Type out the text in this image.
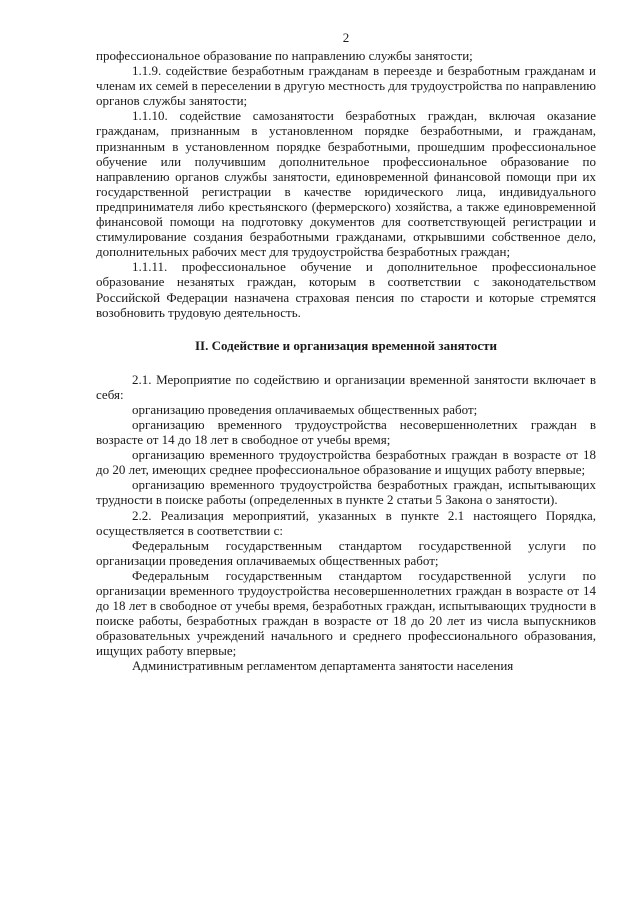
2

профессиональное образование по направлению службы занятости;

1.1.9. содействие безработным гражданам в переезде и безработным гражданам и членам их семей в переселении в другую местность для трудоустройства по направлению органов службы занятости;

1.1.10. содействие самозанятости безработных граждан, включая оказание гражданам, признанным в установленном порядке безработными, и гражданам, признанным в установленном порядке безработными, прошедшим профессиональное обучение или получившим дополнительное профессиональное образование по направлению органов службы занятости, единовременной финансовой помощи при их государственной регистрации в качестве юридического лица, индивидуального предпринимателя либо крестьянского (фермерского) хозяйства, а также единовременной финансовой помощи на подготовку документов для соответствующей регистрации и стимулирование создания безработными гражданами, открывшими собственное дело, дополнительных рабочих мест для трудоустройства безработных граждан;

1.1.11. профессиональное обучение и дополнительное профессиональное образование незанятых граждан, которым в соответствии с законодательством Российской Федерации назначена страховая пенсия по старости и которые стремятся возобновить трудовую деятельность.

II. Содействие и организация временной занятости

2.1. Мероприятие по содействию и организации временной занятости включает в себя:

организацию проведения оплачиваемых общественных работ;

организацию временного трудоустройства несовершеннолетних граждан в возрасте от 14 до 18 лет в свободное от учебы время;

организацию временного трудоустройства безработных граждан в возрасте от 18 до 20 лет, имеющих среднее профессиональное образование и ищущих работу впервые;

организацию временного трудоустройства безработных граждан, испытывающих трудности в поиске работы (определенных в пункте 2 статьи 5 Закона о занятости).

2.2. Реализация мероприятий, указанных в пункте 2.1 настоящего Порядка, осуществляется в соответствии с:

Федеральным государственным стандартом государственной услуги по организации проведения оплачиваемых общественных работ;

Федеральным государственным стандартом государственной услуги по организации временного трудоустройства несовершеннолетних граждан в возрасте от 14 до 18 лет в свободное от учебы время, безработных граждан, испытывающих трудности в поиске работы, безработных граждан в возрасте от 18 до 20 лет из числа выпускников образовательных учреждений начального и среднего профессионального образования, ищущих работу впервые;

Административным регламентом департамента занятости населения
